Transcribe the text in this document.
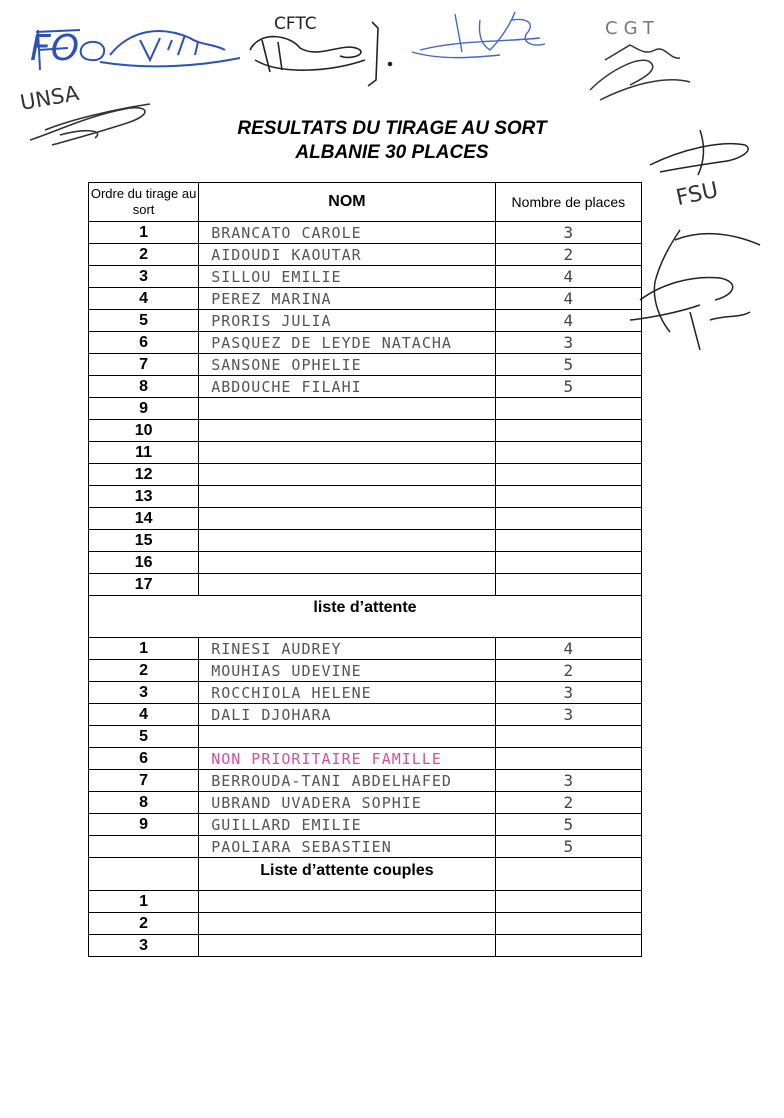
CFTC	CGT
UNSA
FO
FSU
RESULTATS DU TIRAGE AU SORT
ALBANIE 30 PLACES
Ordre du tirage au sort	NOM	Nombre de places
1	BRANCATO CAROLE	3
2	AIDOUDI KAOUTAR	2
3	SILLOU EMILIE	4
4	PEREZ MARINA	4
5	PRORIS JULIA	4
6	PASQUEZ DE LEYDE NATACHA	3
7	SANSONE OPHELIE	5
8	ABDOUCHE FILAHI	5
9		
10		
11		
12		
13		
14		
15		
16		
17		
liste d’attente		
1	RINESI AUDREY	4
2	MOUHIAS UDEVINE	2
3	ROCCHIOLA HELENE	3
4	DALI DJOHARA	3
5		
6	NON PRIORITAIRE FAMILLE	
7	BERROUDA-TANI ABDELHAFED	3
8	UBRAND UVADERA SOPHIE	2
9	GUILLARD EMILIE	5
	PAOLIARA SEBASTIEN	5

	Liste d’attente couples	

1		
2		
3		
